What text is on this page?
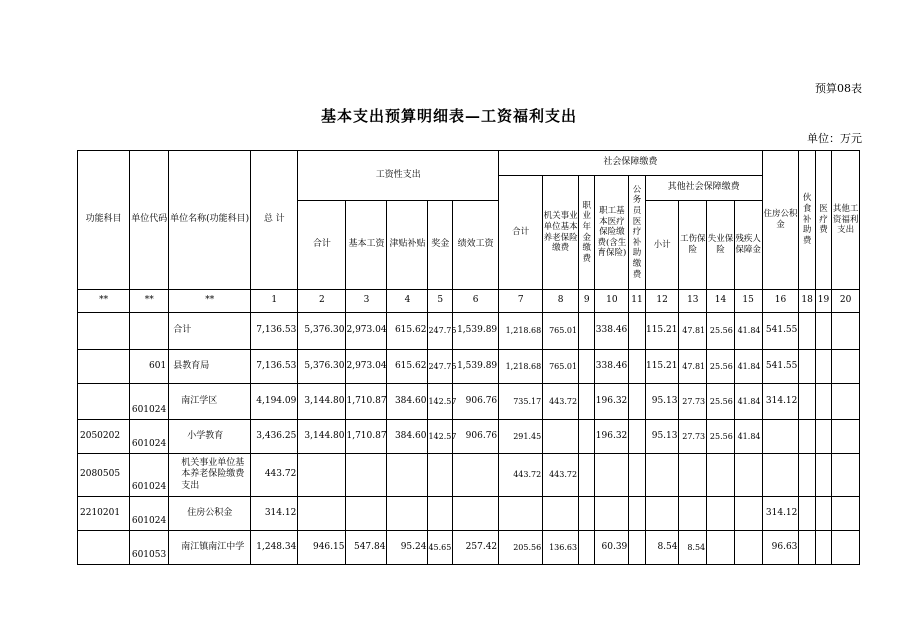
预算08表
基本支出预算明细表—工资福利支出
单位：万元
功能科目	单位代码	单位名称(功能科目)	总 计	工资性支出					社会保障缴费									住房公积金	伙食补助费	医疗费	其他工资福利支出
									合计	机关事业单位基本养老保险缴费	职业年金缴费	职工基本医疗保险缴费(含生育保险)	公务员医疗补助缴费	其他社会保障缴费							
				合计	基本工资	津贴补贴	奖金	绩效工资						小计	工伤保险	失业保险	残疾人保障金				
**	**	**	1	2	3	4	5	6	7	8	9	10	11	12	13	14	15	16	18	19	20
		合计	7,136.53	5,376.30	2,973.04	615.62	247.75	1,539.89	1,218.68	765.01		338.46		115.21	47.81	25.56	41.84	541.55			
	601	县教育局	7,136.53	5,376.30	2,973.04	615.62	247.75	1,539.89	1,218.68	765.01		338.46		115.21	47.81	25.56	41.84	541.55			
	601024	南江学区	4,194.09	3,144.80	1,710.87	384.60	142.57	906.76	735.17	443.72		196.32		95.13	27.73	25.56	41.84	314.12			
2050202	601024	小学教育	3,436.25	3,144.80	1,710.87	384.60	142.57	906.76	291.45			196.32		95.13	27.73	25.56	41.84				
2080505	601024	机关事业单位基本养老保险缴费支出	443.72						443.72	443.72											
2210201	601024	住房公积金	314.12															314.12			
	601053	南江镇南江中学	1,248.34	946.15	547.84	95.24	45.65	257.42	205.56	136.63		60.39		8.54	8.54			96.63			
